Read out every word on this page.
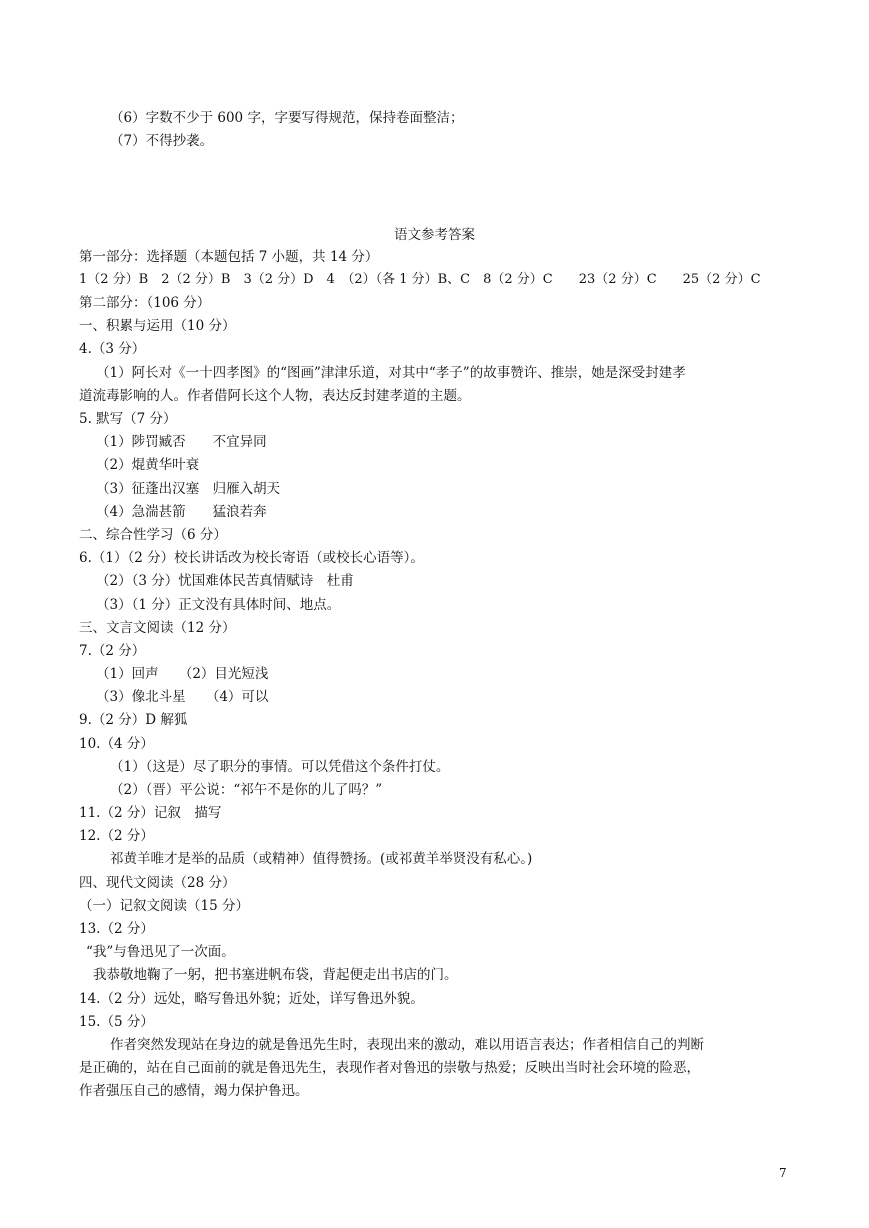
（6）字数不少于 600 字，字要写得规范，保持卷面整洁；
（7）不得抄袭。
语文参考答案
第一部分：选择题（本题包括 7 小题，共 14 分）
1（2 分）B　2（2 分）B　3（2 分）D　4　（2）（各 1 分）B、C　8（2 分）C　　23（2 分）C　　25（2 分）C
第二部分：（106 分）
一、积累与运用（10 分）
4.（3 分）
（1）阿长对《一十四孝图》的“图画”津津乐道，对其中“孝子”的故事赞许、推崇，她是深受封建孝
道流毒影响的人。作者借阿长这个人物，表达反封建孝道的主题。
5. 默写（7 分）
（1）陟罚臧否　　不宜异同
（2）焜黄华叶衰
（3）征蓬出汉塞　归雁入胡天
（4）急湍甚箭　　猛浪若奔
二、综合性学习（6 分）
6.（1）（2 分）校长讲话改为校长寄语（或校长心语等）。
（2）（3 分）忧国难体民苦真情赋诗　杜甫
（3）（1 分）正文没有具体时间、地点。
三、文言文阅读（12 分）
7.（2 分）
（1）回声　　（2）目光短浅
（3）像北斗星　　（4）可以
9.（2 分）D 解狐
10.（4 分）
（1）（这是）尽了职分的事情。可以凭借这个条件打仗。
（2）（晋）平公说：“祁午不是你的儿了吗？”
11.（2 分）记叙　描写
12.（2 分）
祁黄羊唯才是举的品质（或精神）值得赞扬。(或祁黄羊举贤没有私心。)
四、现代文阅读（28 分）
（一）记叙文阅读（15 分）
13.（2 分）
“我”与鲁迅见了一次面。
我恭敬地鞠了一躬，把书塞进帆布袋，背起便走出书店的门。
14.（2 分）远处，略写鲁迅外貌；近处，详写鲁迅外貌。
15.（5 分）
作者突然发现站在身边的就是鲁迅先生时，表现出来的激动，难以用语言表达；作者相信自己的判断
是正确的，站在自己面前的就是鲁迅先生，表现作者对鲁迅的崇敬与热爱；反映出当时社会环境的险恶，
作者强压自己的感情，竭力保护鲁迅。
7
